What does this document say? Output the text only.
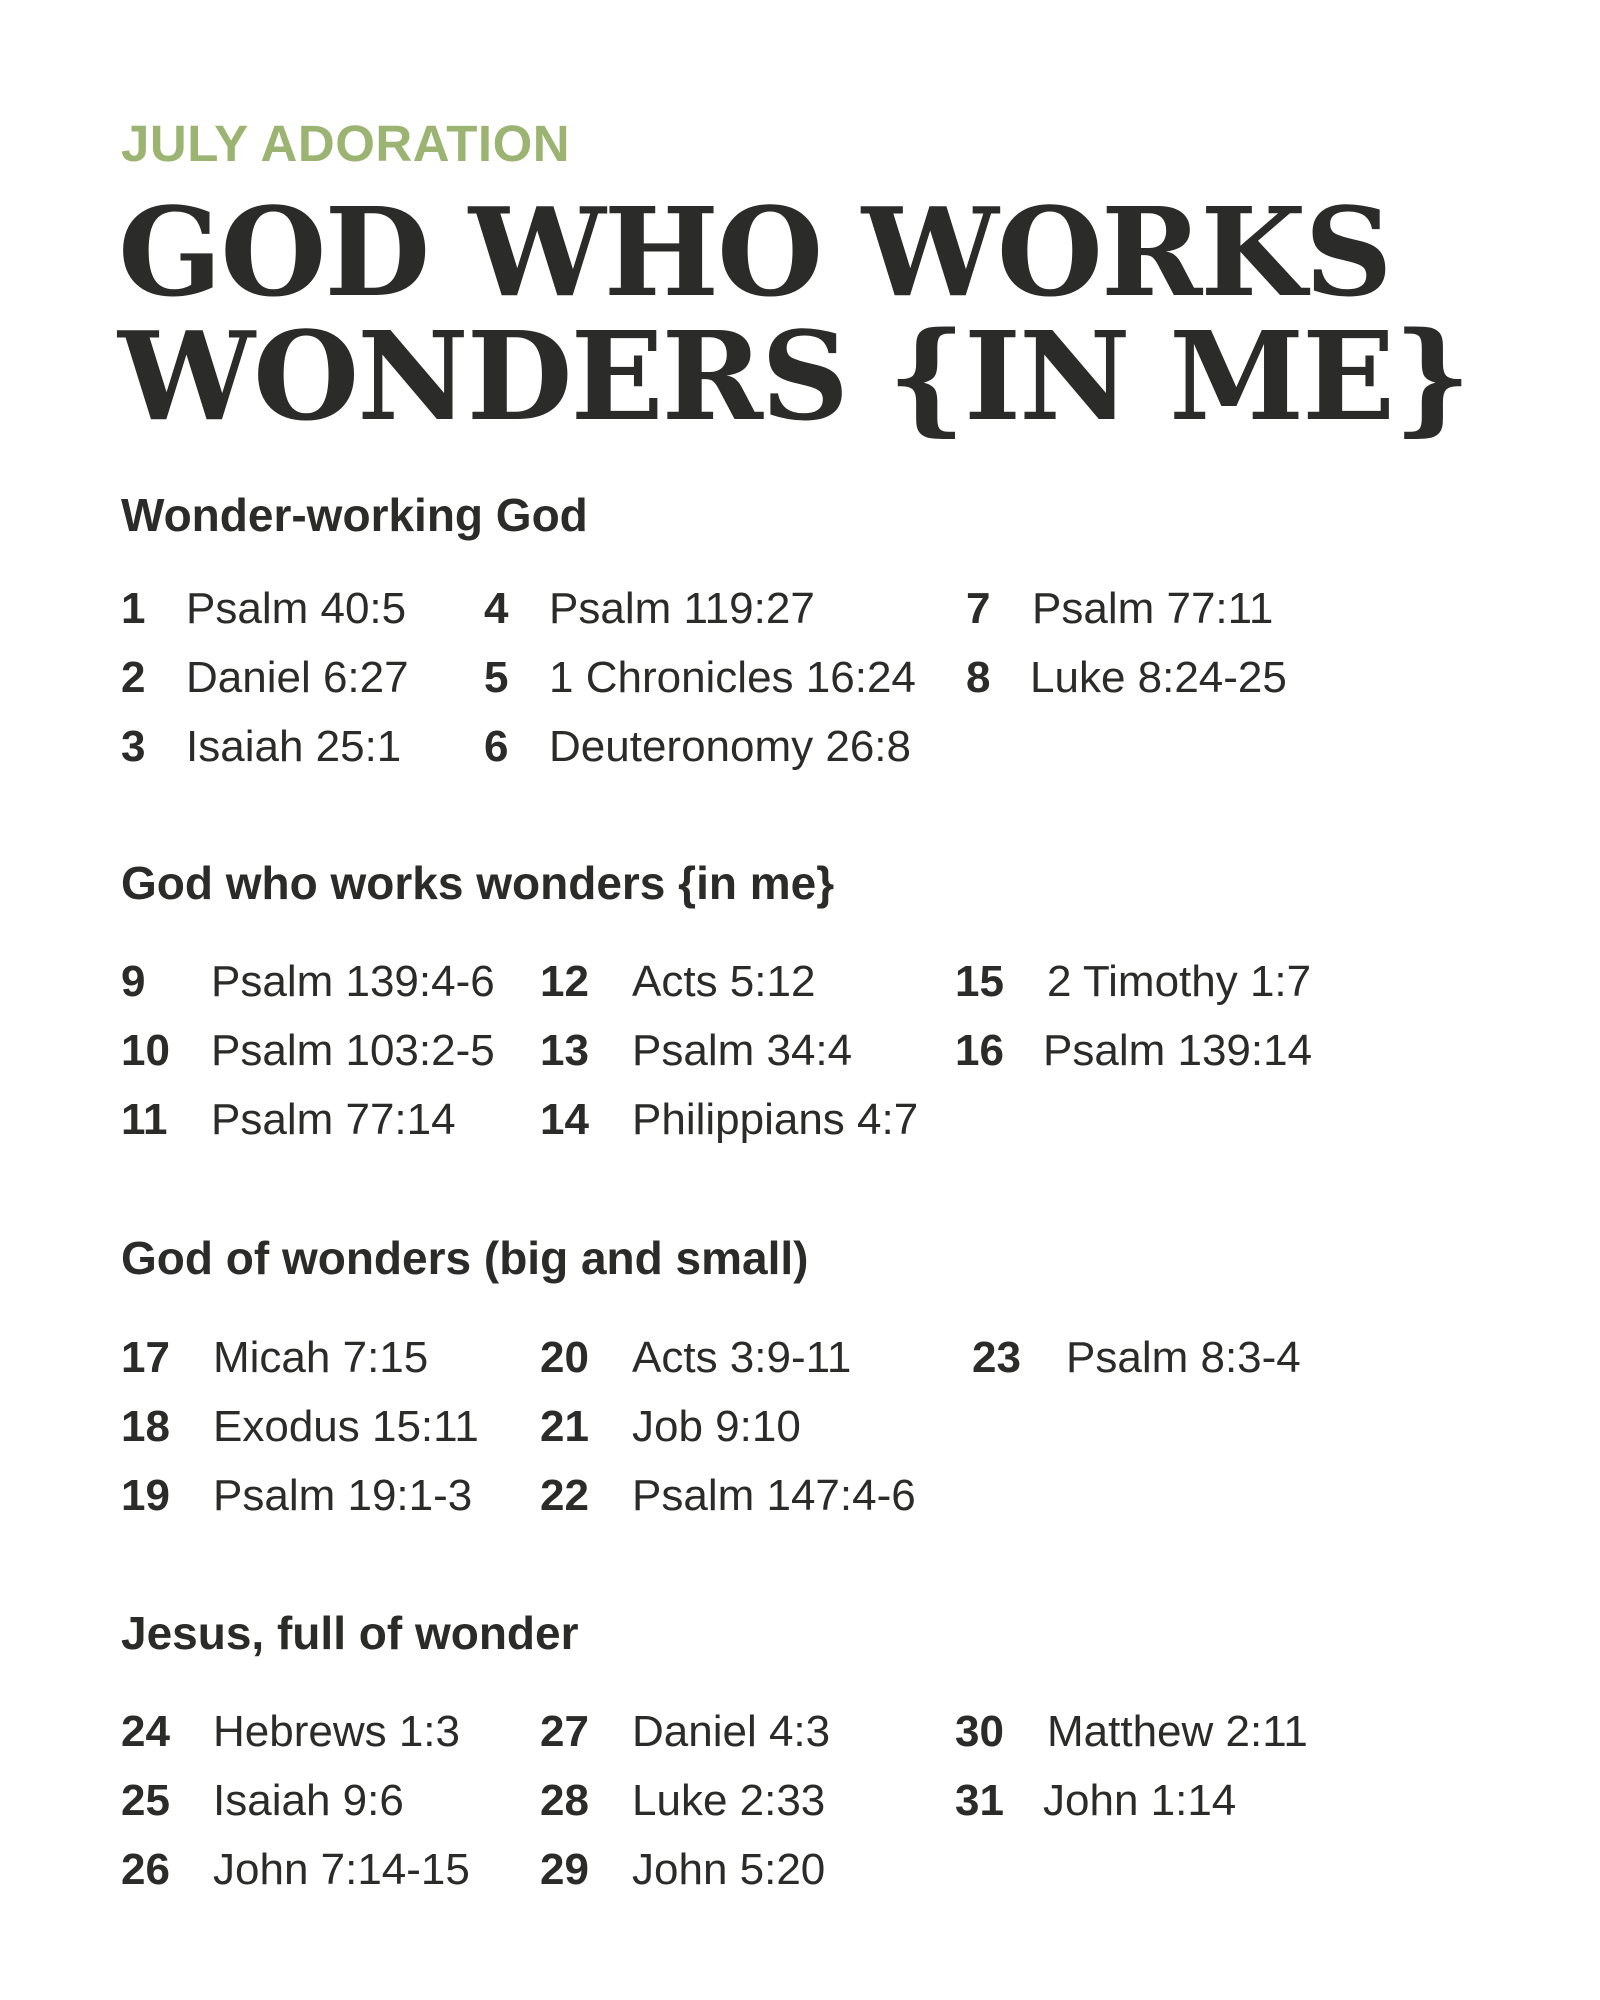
JULY ADORATION
GOD WHO WORKS
WONDERS {IN ME}
Wonder-working God
1 Psalm 40:5
2 Daniel 6:27
3 Isaiah 25:1
4 Psalm 119:27
5 1 Chronicles 16:24
6 Deuteronomy 26:8
7 Psalm 77:11
8 Luke 8:24-25
God who works wonders {in me}
9 Psalm 139:4-6
10 Psalm 103:2-5
11 Psalm 77:14
12 Acts 5:12
13 Psalm 34:4
14 Philippians 4:7
15 2 Timothy 1:7
16 Psalm 139:14
God of wonders (big and small)
17 Micah 7:15
18 Exodus 15:11
19 Psalm 19:1-3
20 Acts 3:9-11
21 Job 9:10
22 Psalm 147:4-6
23 Psalm 8:3-4
Jesus, full of wonder
24 Hebrews 1:3
25 Isaiah 9:6
26 John 7:14-15
27 Daniel 4:3
28 Luke 2:33
29 John 5:20
30 Matthew 2:11
31 John 1:14
